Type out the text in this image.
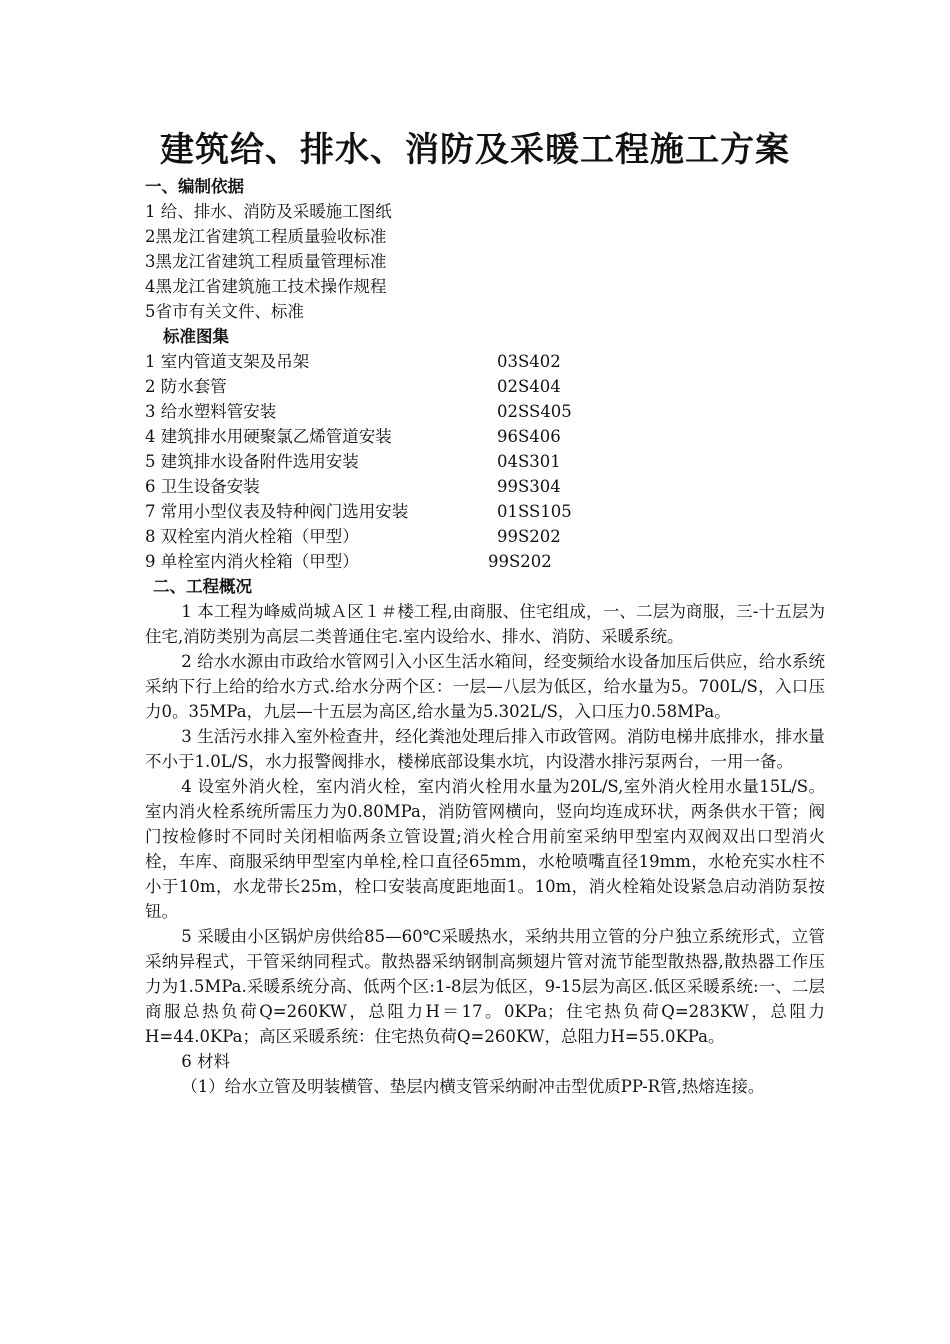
建筑给、排水、消防及采暖工程施工方案
一、编制依据
1 给、排水、消防及采暖施工图纸
2黑龙江省建筑工程质量验收标准
3黑龙江省建筑工程质量管理标准
4黑龙江省建筑施工技术操作规程
5省市有关文件、标准
标准图集
1 室内管道支架及吊架	03S402
2 防水套管	02S404
3 给水塑料管安装	02SS405
4 建筑排水用硬聚氯乙烯管道安装	96S406
5 建筑排水设备附件选用安装	04S301
6 卫生设备安装	99S304
7 常用小型仪表及特种阀门选用安装	01SS105
8 双栓室内消火栓箱（甲型）	99S202
9 单栓室内消火栓箱（甲型）	99S202
二、工程概况

1 本工程为峰威尚城Ａ区１＃楼工程,由商服、住宅组成，一、二层为商服，三-十五层为住宅,消防类别为高层二类普通住宅.室内设给水、排水、消防、采暖系统。

2 给水水源由市政给水管网引入小区生活水箱间，经变频给水设备加压后供应，给水系统采纳下行上给的给水方式.给水分两个区：一层—八层为低区，给水量为5。700L/S，入口压力0。35MPa，九层—十五层为高区,给水量为5.302L/S，入口压力0.58MPa。

3 生活污水排入室外检查井，经化粪池处理后排入市政管网。消防电梯井底排水，排水量不小于1.0L/S，水力报警阀排水，楼梯底部设集水坑，内设潜水排污泵两台，一用一备。

4 设室外消火栓，室内消火栓，室内消火栓用水量为20L/S,室外消火栓用水量15L/S。室内消火栓系统所需压力为0.80MPa，消防管网横向，竖向均连成环状，两条供水干管；阀门按检修时不同时关闭相临两条立管设置;消火栓合用前室采纳甲型室内双阀双出口型消火栓，车库、商服采纳甲型室内单栓,栓口直径65mm，水枪喷嘴直径19mm，水枪充实水柱不小于10m，水龙带长25m，栓口安装高度距地面1。10m，消火栓箱处设紧急启动消防泵按钮。

5 采暖由小区锅炉房供给85—60℃采暖热水，采纳共用立管的分户独立系统形式，立管采纳异程式，干管采纳同程式。散热器采纳钢制高频翅片管对流节能型散热器,散热器工作压力为1.5MPa.采暖系统分高、低两个区:1-8层为低区，9-15层为高区.低区采暖系统:一、二层商服总热负荷Q=260KW，总阻力H＝17。0KPa；住宅热负荷Q=283KW，总阻力H=44.0KPa；高区采暖系统：住宅热负荷Q=260KW，总阻力H=55.0KPa。

6 材料

（1）给水立管及明装横管、垫层内横支管采纳耐冲击型优质PP-R管,热熔连接。
